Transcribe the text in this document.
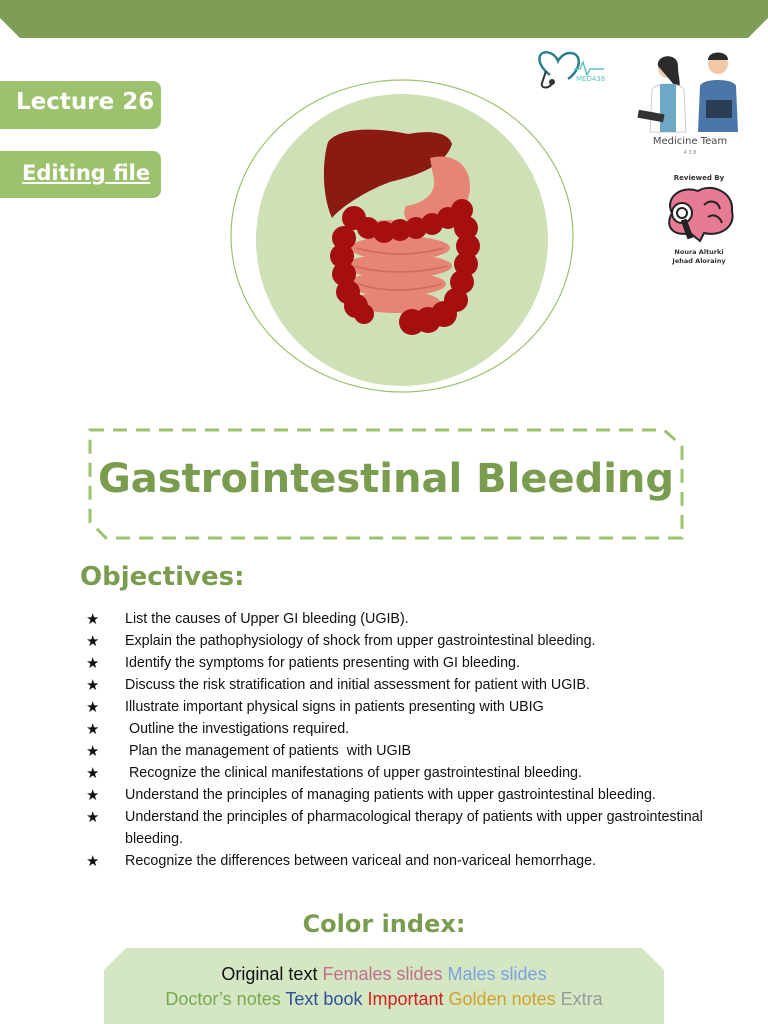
Lecture 26
Editing file
MED438
Medicine Team
4 3 8
Reviewed By
Noura Alturki
Jehad Alorainy
Gastrointestinal Bleeding
Objectives:
★ List the causes of Upper GI bleeding (UGIB).
★ Explain the pathophysiology of shock from upper gastrointestinal bleeding.
★ Identify the symptoms for patients presenting with GI bleeding.
★ Discuss the risk stratification and initial assessment for patient with UGIB.
★ Illustrate important physical signs in patients presenting with UBIG
★ Outline the investigations required.
★ Plan the management of patients  with UGIB
★ Recognize the clinical manifestations of upper gastrointestinal bleeding.
★ Understand the principles of managing patients with upper gastrointestinal bleeding.
★ Understand the principles of pharmacological therapy of patients with upper gastrointestinal bleeding.
★ Recognize the differences between variceal and non-variceal hemorrhage.
Color index:
Original text Females slides Males slides
Doctor’s notes Text book Important Golden notes Extra
